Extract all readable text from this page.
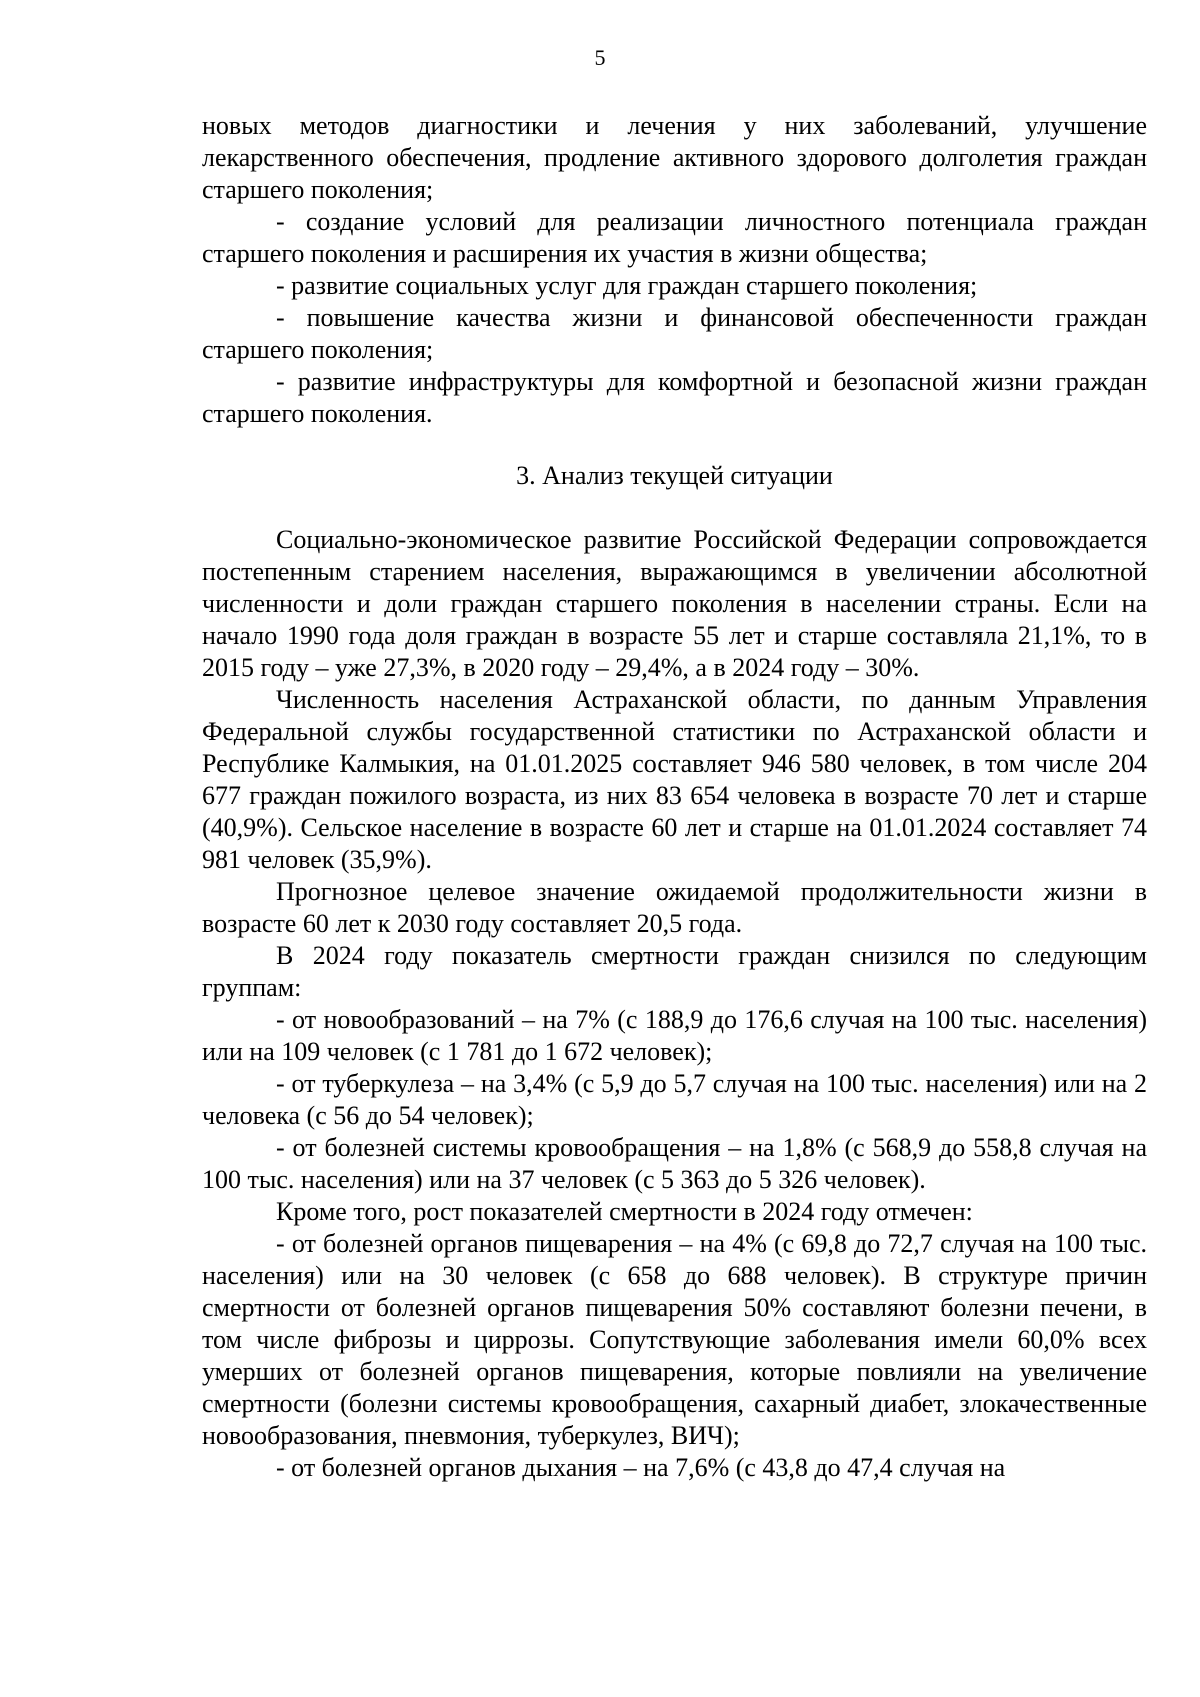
5

новых методов диагностики и лечения у них заболеваний, улучшение лекарственного обеспечения, продление активного здорового долголетия граждан старшего поколения;

- создание условий для реализации личностного потенциала граждан старшего поколения и расширения их участия в жизни общества;

- развитие социальных услуг для граждан старшего поколения;

- повышение качества жизни и финансовой обеспеченности граждан старшего поколения;

- развитие инфраструктуры для комфортной и безопасной жизни граждан старшего поколения.

3. Анализ текущей ситуации

Социально-экономическое развитие Российской Федерации сопровождается постепенным старением населения, выражающимся в увеличении абсолютной численности и доли граждан старшего поколения в населении страны. Если на начало 1990 года доля граждан в возрасте 55 лет и старше составляла 21,1%, то в 2015 году – уже 27,3%, в 2020 году – 29,4%, а в 2024 году – 30%.

Численность населения Астраханской области, по данным Управления Федеральной службы государственной статистики по Астраханской области и Республике Калмыкия, на 01.01.2025 составляет 946 580 человек, в том числе 204 677 граждан пожилого возраста, из них 83 654 человека в возрасте 70 лет и старше (40,9%). Сельское население в возрасте 60 лет и старше на 01.01.2024 составляет 74 981 человек (35,9%).

Прогнозное целевое значение ожидаемой продолжительности жизни в возрасте 60 лет к 2030 году составляет 20,5 года.

В 2024 году показатель смертности граждан снизился по следующим группам:

- от новообразований – на 7% (с 188,9 до 176,6 случая на 100 тыс. населения) или на 109 человек (с 1 781 до 1 672 человек);

- от туберкулеза – на 3,4% (с 5,9 до 5,7 случая на 100 тыс. населения) или на 2 человека (с 56 до 54 человек);

- от болезней системы кровообращения – на 1,8% (с 568,9 до 558,8 случая на 100 тыс. населения) или на 37 человек (с 5 363 до 5 326 человек).

Кроме того, рост показателей смертности в 2024 году отмечен:

- от болезней органов пищеварения – на 4% (с 69,8 до 72,7 случая на 100 тыс. населения) или на 30 человек (с 658 до 688 человек). В структуре причин смертности от болезней органов пищеварения 50% составляют болезни печени, в том числе фиброзы и циррозы. Сопутствующие заболевания имели 60,0% всех умерших от болезней органов пищеварения, которые повлияли на увеличение смертности (болезни системы кровообращения, сахарный диабет, злокачественные новообразования, пневмония, туберкулез, ВИЧ);

- от болезней органов дыхания – на 7,6% (с 43,8 до 47,4 случая на
